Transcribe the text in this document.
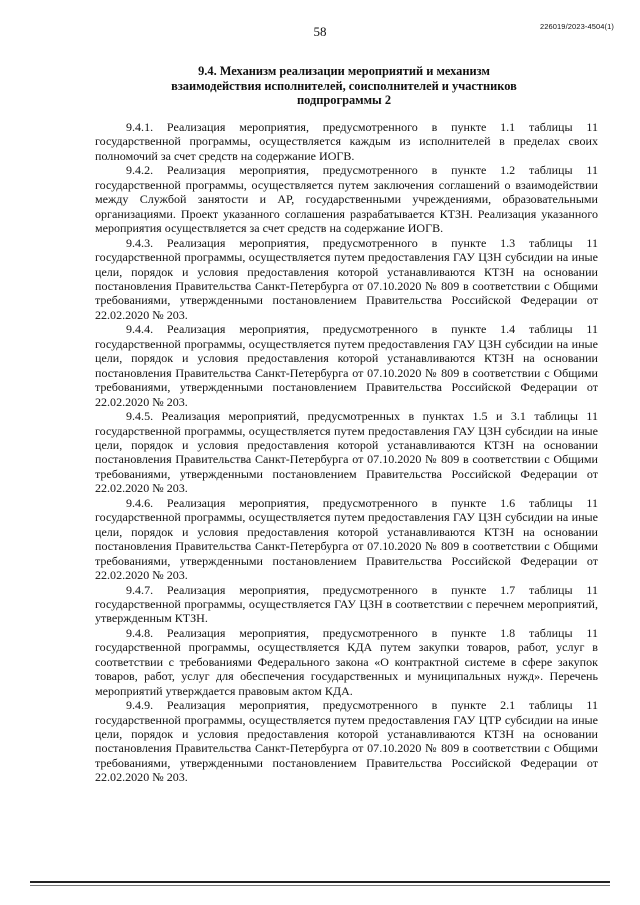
58	226019/2023-4504(1)
9.4. Механизм реализации мероприятий и механизм
взаимодействия исполнителей, соисполнителей и участников
подпрограммы 2

9.4.1. Реализация мероприятия, предусмотренного в пункте 1.1 таблицы 11 государственной программы, осуществляется каждым из исполнителей в пределах своих полномочий за счет средств на содержание ИОГВ.

9.4.2. Реализация мероприятия, предусмотренного в пункте 1.2 таблицы 11 государственной программы, осуществляется путем заключения соглашений о взаимодействии между Службой занятости и АР, государственными учреждениями, образовательными организациями. Проект указанного соглашения разрабатывается КТЗН. Реализация указанного мероприятия осуществляется за счет средств на содержание ИОГВ.

9.4.3. Реализация мероприятия, предусмотренного в пункте 1.3 таблицы 11 государственной программы, осуществляется путем предоставления ГАУ ЦЗН субсидии на иные цели, порядок и условия предоставления которой устанавливаются КТЗН на основании постановления Правительства Санкт-Петербурга от 07.10.2020 № 809 в соответствии с Общими требованиями, утвержденными постановлением Правительства Российской Федерации от 22.02.2020 № 203.

9.4.4. Реализация мероприятия, предусмотренного в пункте 1.4 таблицы 11 государственной программы, осуществляется путем предоставления ГАУ ЦЗН субсидии на иные цели, порядок и условия предоставления которой устанавливаются КТЗН на основании постановления Правительства Санкт-Петербурга от 07.10.2020 № 809 в соответствии с Общими требованиями, утвержденными постановлением Правительства Российской Федерации от 22.02.2020 № 203.

9.4.5. Реализация мероприятий, предусмотренных в пунктах 1.5 и 3.1 таблицы 11 государственной программы, осуществляется путем предоставления ГАУ ЦЗН субсидии на иные цели, порядок и условия предоставления которой устанавливаются КТЗН на основании постановления Правительства Санкт-Петербурга от 07.10.2020 № 809 в соответствии с Общими требованиями, утвержденными постановлением Правительства Российской Федерации от 22.02.2020 № 203.

9.4.6. Реализация мероприятия, предусмотренного в пункте 1.6 таблицы 11 государственной программы, осуществляется путем предоставления ГАУ ЦЗН субсидии на иные цели, порядок и условия предоставления которой устанавливаются КТЗН на основании постановления Правительства Санкт-Петербурга от 07.10.2020 № 809 в соответствии с Общими требованиями, утвержденными постановлением Правительства Российской Федерации от 22.02.2020 № 203.

9.4.7. Реализация мероприятия, предусмотренного в пункте 1.7 таблицы 11 государственной программы, осуществляется ГАУ ЦЗН в соответствии с перечнем мероприятий, утвержденным КТЗН.

9.4.8. Реализация мероприятия, предусмотренного в пункте 1.8 таблицы 11 государственной программы, осуществляется КДА путем закупки товаров, работ, услуг в соответствии с требованиями Федерального закона «О контрактной системе в сфере закупок товаров, работ, услуг для обеспечения государственных и муниципальных нужд». Перечень мероприятий утверждается правовым актом КДА.

9.4.9. Реализация мероприятия, предусмотренного в пункте 2.1 таблицы 11 государственной программы, осуществляется путем предоставления ГАУ ЦТР субсидии на иные цели, порядок и условия предоставления которой устанавливаются КТЗН на основании постановления Правительства Санкт-Петербурга от 07.10.2020 № 809 в соответствии с Общими требованиями, утвержденными постановлением Правительства Российской Федерации от 22.02.2020 № 203.
